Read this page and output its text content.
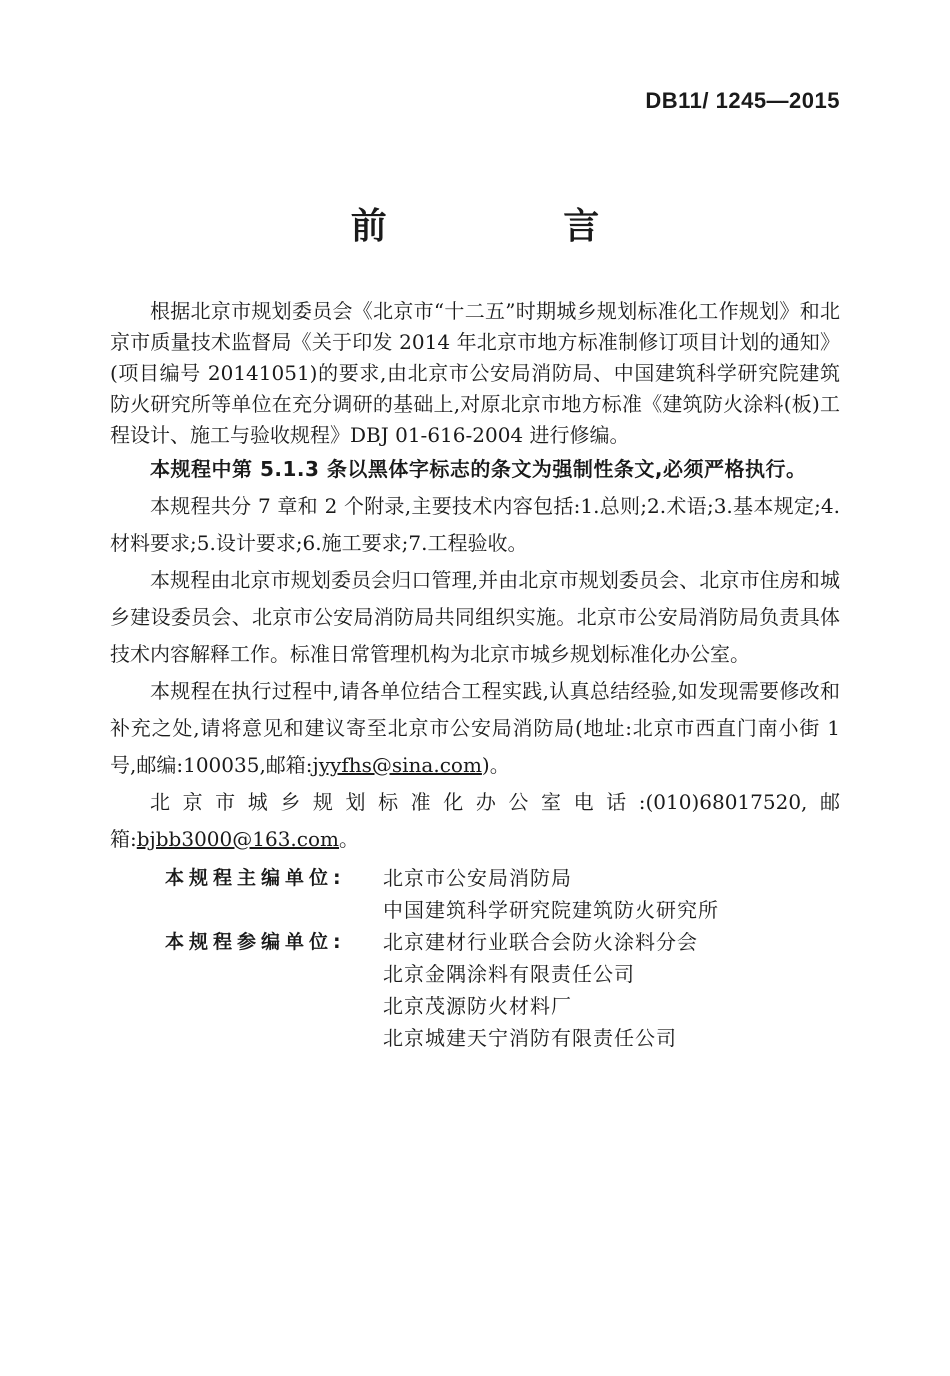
DB11/ 1245—2015
前 言

根据北京市规划委员会《北京市“十二五”时期城乡规划标准化工作规划》和北京市质量技术监督局《关于印发 2014 年北京市地方标准制修订项目计划的通知》(项目编号 20141051)的要求,由北京市公安局消防局、中国建筑科学研究院建筑防火研究所等单位在充分调研的基础上,对原北京市地方标准《建筑防火涂料(板)工程设计、施工与验收规程》DBJ 01-616-2004 进行修编。

本规程中第 5.1.3 条以黑体字标志的条文为强制性条文,必须严格执行。

本规程共分 7 章和 2 个附录,主要技术内容包括:1.总则;2.术语;3.基本规定;4.材料要求;5.设计要求;6.施工要求;7.工程验收。

本规程由北京市规划委员会归口管理,并由北京市规划委员会、北京市住房和城乡建设委员会、北京市公安局消防局共同组织实施。北京市公安局消防局负责具体技术内容解释工作。标准日常管理机构为北京市城乡规划标准化办公室。

本规程在执行过程中,请各单位结合工程实践,认真总结经验,如发现需要修改和补充之处,请将意见和建议寄至北京市公安局消防局(地址:北京市西直门南小街 1 号,邮编:100035,邮箱:jyyfhs@sina.com)。

北京市城乡规划标准化办公室电话:(010)68017520,邮箱:bjbb3000@163.com。

本规程主编单位:	北京市公安局消防局
中国建筑科学研究院建筑防火研究所
本规程参编单位:	北京建材行业联合会防火涂料分会
北京金隅涂料有限责任公司
北京茂源防火材料厂
北京城建天宁消防有限责任公司
